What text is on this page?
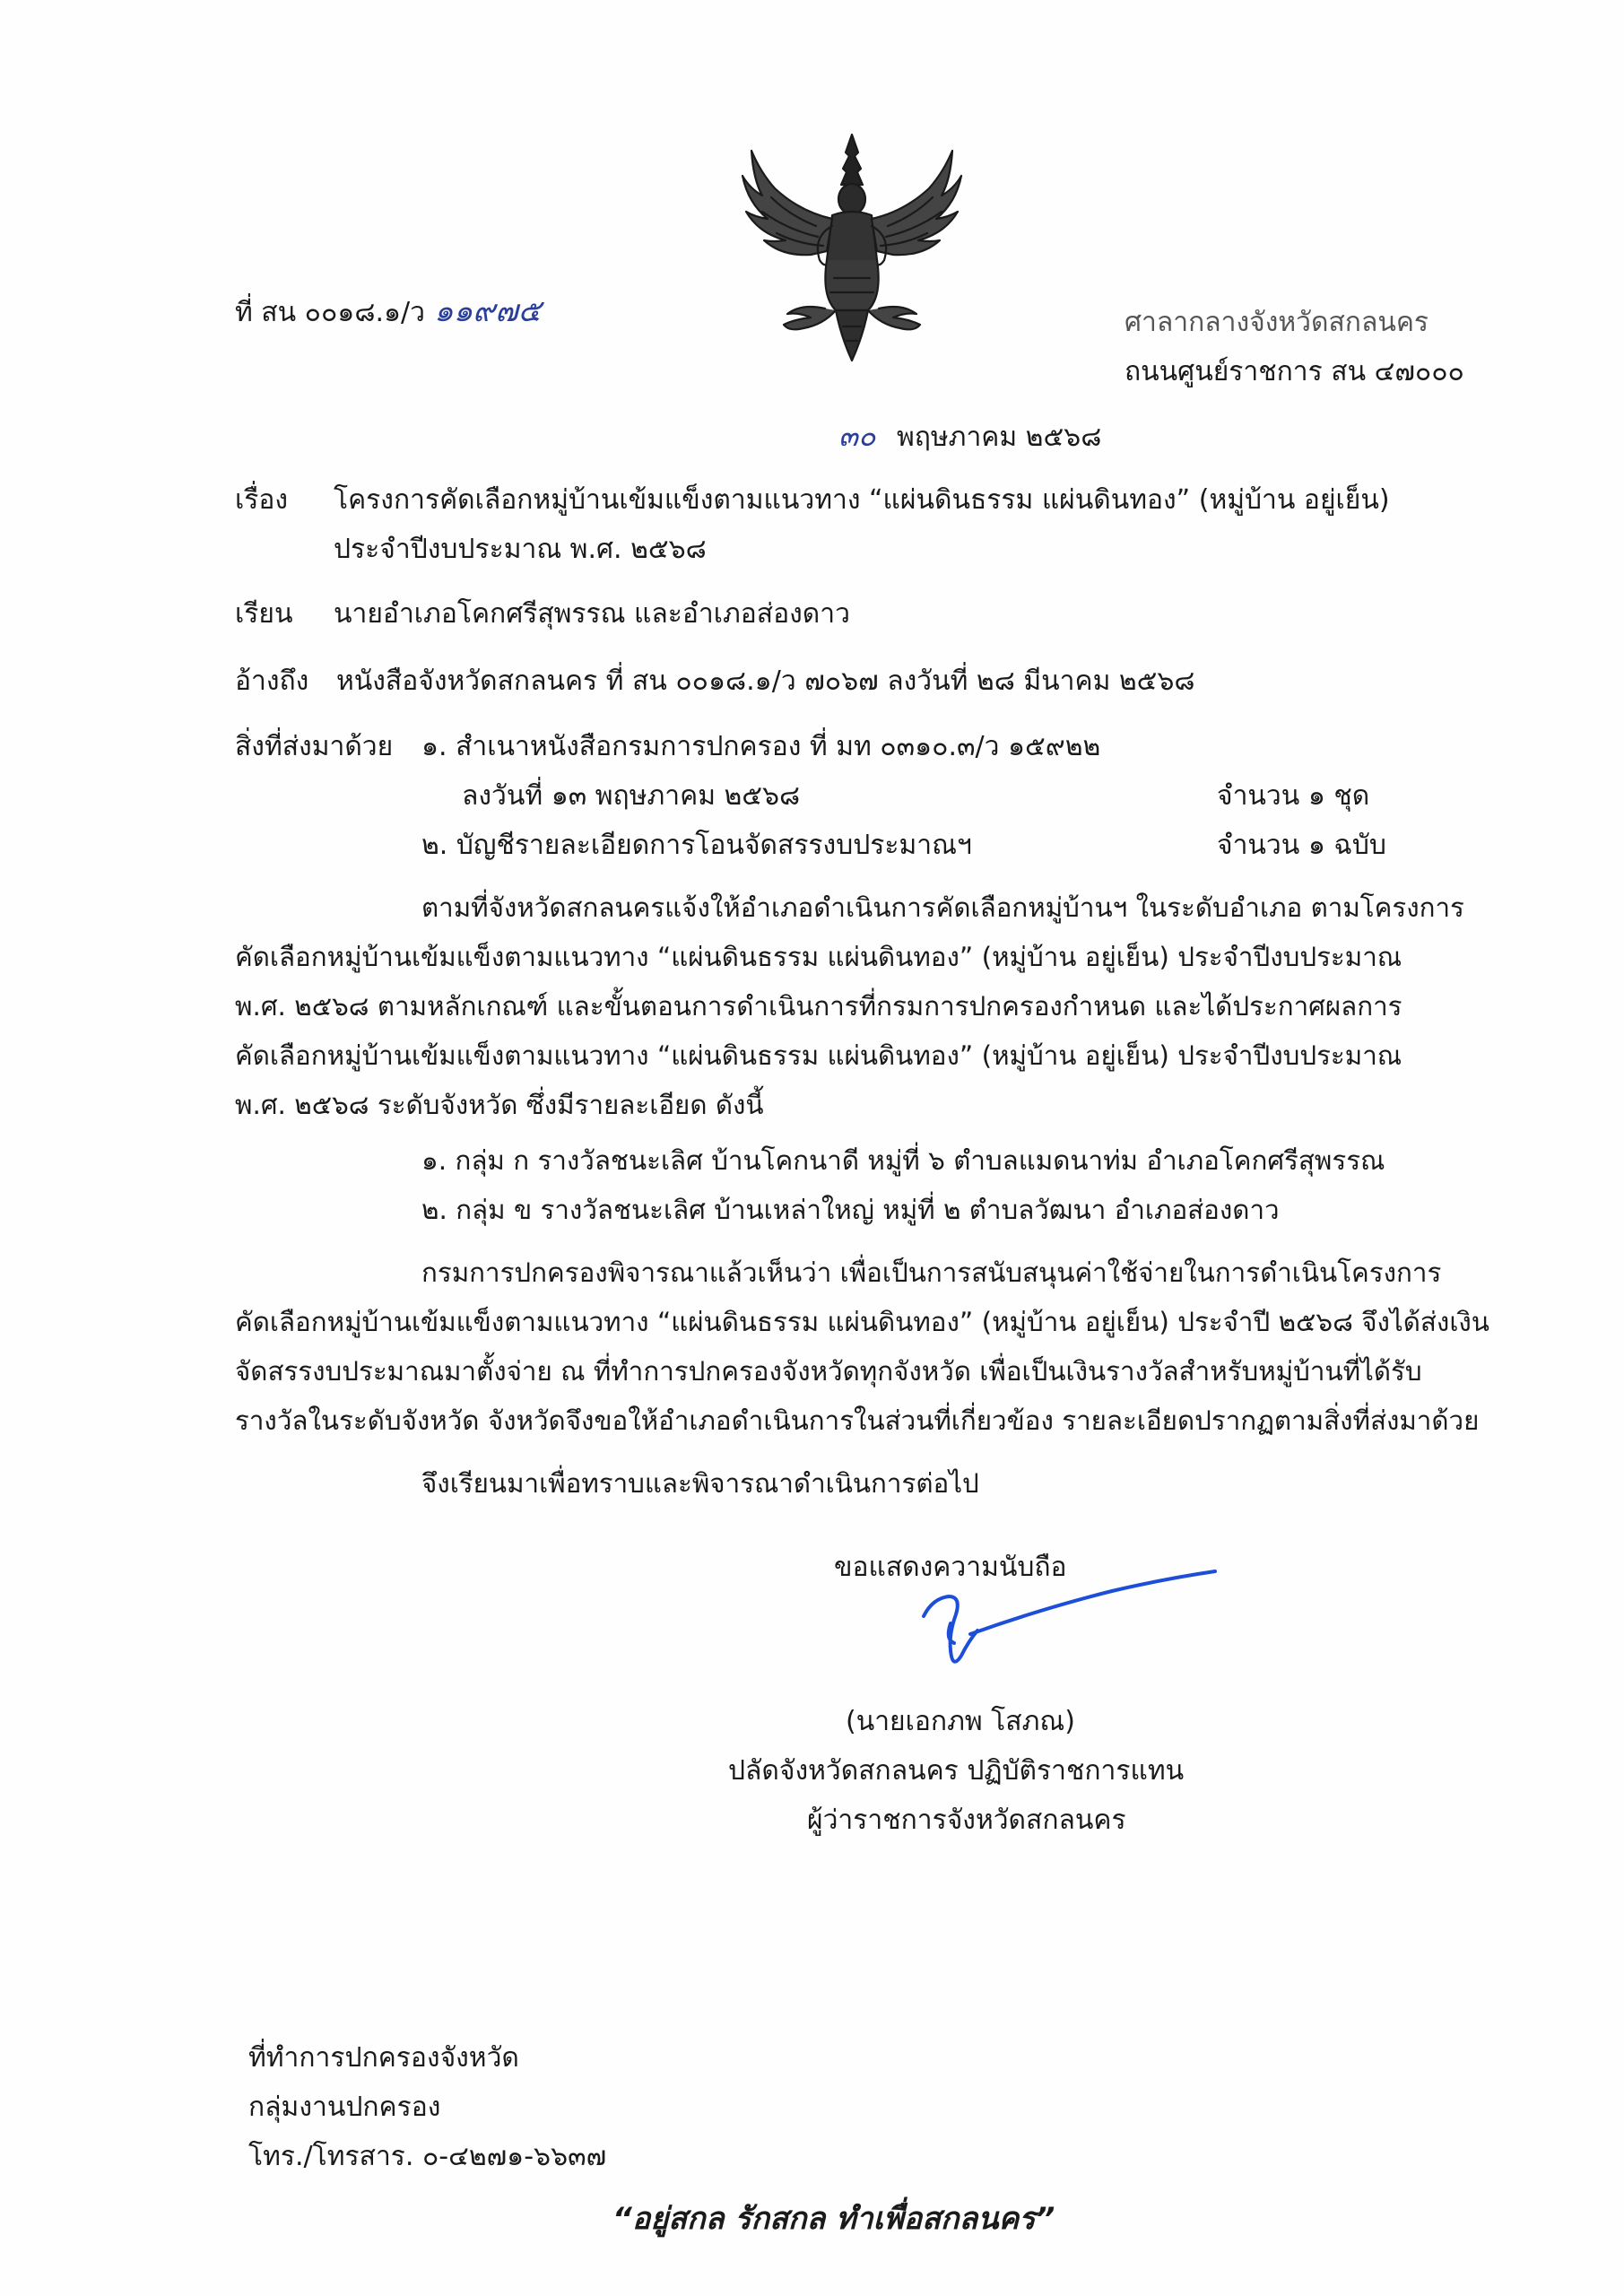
ที่ สน ๐๐๑๘.๑/ว ๑๑๙๗๕	ศาลากลางจังหวัดสกลนคร
ถนนศูนย์ราชการ สน ๔๗๐๐๐
๓๐ พฤษภาคม ๒๕๖๘
เรื่อง โครงการคัดเลือกหมู่บ้านเข้มแข็งตามแนวทาง “แผ่นดินธรรม แผ่นดินทอง” (หมู่บ้าน อยู่เย็น)
ประจำปีงบประมาณ พ.ศ. ๒๕๖๘
เรียน นายอำเภอโคกศรีสุพรรณ และอำเภอส่องดาว
อ้างถึง หนังสือจังหวัดสกลนคร ที่ สน ๐๐๑๘.๑/ว ๗๐๖๗ ลงวันที่ ๒๘ มีนาคม ๒๕๖๘
สิ่งที่ส่งมาด้วย ๑. สำเนาหนังสือกรมการปกครอง ที่ มท ๐๓๑๐.๓/ว ๑๕๙๒๒
ลงวันที่ ๑๓ พฤษภาคม ๒๕๖๘	จำนวน ๑ ชุด
๒. บัญชีรายละเอียดการโอนจัดสรรงบประมาณฯ	จำนวน ๑ ฉบับ
ตามที่จังหวัดสกลนครแจ้งให้อำเภอดำเนินการคัดเลือกหมู่บ้านฯ ในระดับอำเภอ ตามโครงการ
คัดเลือกหมู่บ้านเข้มแข็งตามแนวทาง “แผ่นดินธรรม แผ่นดินทอง” (หมู่บ้าน อยู่เย็น) ประจำปีงบประมาณ
พ.ศ. ๒๕๖๘ ตามหลักเกณฑ์ และขั้นตอนการดำเนินการที่กรมการปกครองกำหนด และได้ประกาศผลการ
คัดเลือกหมู่บ้านเข้มแข็งตามแนวทาง “แผ่นดินธรรม แผ่นดินทอง” (หมู่บ้าน อยู่เย็น) ประจำปีงบประมาณ
พ.ศ. ๒๕๖๘ ระดับจังหวัด ซึ่งมีรายละเอียด ดังนี้
๑. กลุ่ม ก รางวัลชนะเลิศ บ้านโคกนาดี หมู่ที่ ๖ ตำบลแมดนาท่ม อำเภอโคกศรีสุพรรณ
๒. กลุ่ม ข รางวัลชนะเลิศ บ้านเหล่าใหญ่ หมู่ที่ ๒ ตำบลวัฒนา อำเภอส่องดาว
กรมการปกครองพิจารณาแล้วเห็นว่า เพื่อเป็นการสนับสนุนค่าใช้จ่ายในการดำเนินโครงการ
คัดเลือกหมู่บ้านเข้มแข็งตามแนวทาง “แผ่นดินธรรม แผ่นดินทอง” (หมู่บ้าน อยู่เย็น) ประจำปี ๒๕๖๘ จึงได้ส่งเงิน
จัดสรรงบประมาณมาตั้งจ่าย ณ ที่ทำการปกครองจังหวัดทุกจังหวัด เพื่อเป็นเงินรางวัลสำหรับหมู่บ้านที่ได้รับ
รางวัลในระดับจังหวัด จังหวัดจึงขอให้อำเภอดำเนินการในส่วนที่เกี่ยวข้อง รายละเอียดปรากฏตามสิ่งที่ส่งมาด้วย
จึงเรียนมาเพื่อทราบและพิจารณาดำเนินการต่อไป
ขอแสดงความนับถือ
(นายเอกภพ โสภณ)
ปลัดจังหวัดสกลนคร ปฏิบัติราชการแทน
ผู้ว่าราชการจังหวัดสกลนคร
ที่ทำการปกครองจังหวัด
กลุ่มงานปกครอง
โทร./โทรสาร. ๐-๔๒๗๑-๖๖๓๗
“อยู่สกล รักสกล ทำเพื่อสกลนคร”
